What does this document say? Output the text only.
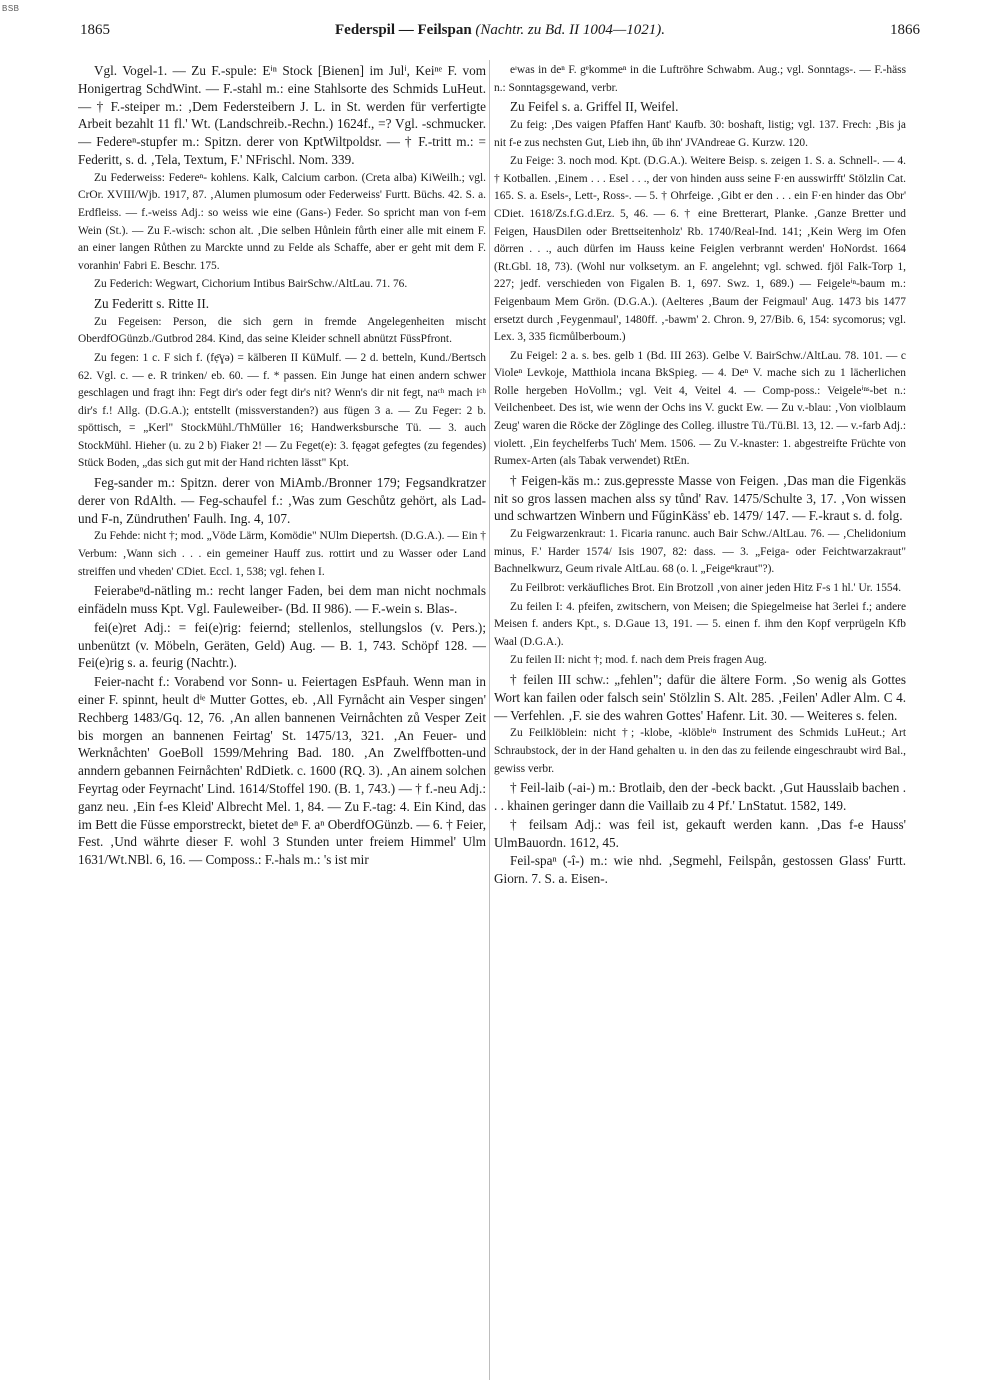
BSB
1865	Federspil — Feilspan (Nachtr. zu Bd. II 1004—1021).	1866

Vgl. Vogel-1. — Zu F.-spule: Eⁱⁿ Stock [Bienen] im Julⁱ, Keiⁿᵉ F. vom Honigertrag SchdWint. — F.-stahl m.: eine Stahlsorte des Schmids LuHeut. — † F.-steiper m.: ‚Dem Federsteibern J. L. in St. werden für verfertigte Arbeit bezahlt 11 fl.' Wt. (Landschreib.-Rechn.) 1624f., =? Vgl. -schmucker. — Federeⁿ-stupfer m.: Spitzn. derer von KptWiltpoldsr. — † F.-tritt m.: = Federitt, s. d. ‚Tela, Textum, F.' NFrischl. Nom. 339.

Zu Federweiss: Federeⁿ- kohlens. Kalk, Calcium carbon. (Creta alba) KiWeilh.; vgl. CrOr. XVIII/Wjb. 1917, 87. ‚Alumen plumosum oder Federweiss' Furtt. Büchs. 42. S. a. Erdfleiss. — f.-weiss Adj.: so weiss wie eine (Gans-) Feder. So spricht man von f-em Wein (St.). — Zu F.-wisch: schon alt. ‚Die selben Hůnlein fůrth einer alle mit einem F. an einer langen Růthen zu Marckte unnd zu Felde als Schaffe, aber er geht mit dem F. voranhin' Fabri E. Beschr. 175.

Zu Federich: Wegwart, Cichorium Intibus BairSchw./AltLau. 71. 76.

Zu Federitt s. Ritte II.

Zu Fegeisen: Person, die sich gern in fremde Angelegenheiten mischt OberdfOGünzb./Gutbrod 284. Kind, das seine Kleider schnell abnützt FüssPfront.

Zu fegen: 1 c. F sich f. (fẹ̄ɣə) = kälberen II KüMulf. — 2 d. betteln, Kund./Bertsch 62. Vgl. c. — e. R trinken/ eb. 60. — f. * passen. Ein Junge hat einen andern schwer geschlagen und fragt ihn: Fegt dir's oder fegt dir's nit? Wenn's dir nit fegt, naᶜʰ mach iᶜʰ dir's f.! Allg. (D.G.A.); entstellt (missverstanden?) aus fügen 3 a. — Zu Feger: 2 b. spöttisch, = „Kerl" StockMühl./ThMüller 16; Handwerksbursche Tü. — 3. auch StockMühl. Hieher (u. zu 2 b) Fiaker 2! — Zu Feget(e): 3. fęəgət gefegtes (zu fegendes) Stück Boden, „das sich gut mit der Hand richten lässt" Kpt.

Feg-sander m.: Spitzn. derer von MiAmb./Bronner 179; Fegsandkratzer derer von RdAlth. — Feg-schaufel f.: ‚Was zum Geschůtz gehört, als Lad- und F-n, Zündruthen' Faulh. Ing. 4, 107.

Zu Fehde: nicht †; mod. „Vöde Lärm, Komödie" NUlm Diepertsh. (D.G.A.). — Ein † Verbum: ‚Wann sich . . . ein gemeiner Hauff zus. rottirt und zu Wasser oder Land streiffen und vheden' CDiet. Eccl. 1, 538; vgl. fehen I.

Feierabeⁿd-nätling m.: recht langer Faden, bei dem man nicht nochmals einfädeln muss Kpt. Vgl. Fauleweiber- (Bd. II 986). — F.-wein s. Blas-.

fei(e)ret Adj.: = fei(e)rig: feiernd; stellenlos, stellungslos (v. Pers.); unbenützt (v. Möbeln, Geräten, Geld) Aug. — B. 1, 743. Schöpf 128. — Fei(e)rig s. a. feurig (Nachtr.).

Feier-nacht f.: Vorabend vor Sonn- u. Feiertagen EsPfauh. Wenn man in einer F. spinnt, heult dⁱᵉ Mutter Gottes, eb. ‚All Fyrnåcht ain Vesper singen' Rechberg 1483/Gq. 12, 76. ‚An allen bannenen Veirnåchten zů Vesper Zeit bis morgen an bannenen Feirtag' St. 1475/13, 321. ‚An Feuer- und Werknåchten' GoeBoll 1599/Mehring Bad. 180. ‚An Zwelffbotten-und anndern gebannen Feirnåchten' RdDietk. c. 1600 (RQ. 3). ‚An ainem solchen Feyrtag oder Feyrnacht' Lind. 1614/Stoffel 190. (B. 1, 743.) — † f.-neu Adj.: ganz neu. ‚Ein f-es Kleid' Albrecht Mel. 1, 84. — Zu F.-tag: 4. Ein Kind, das im Bett die Füsse emporstreckt, bietet deⁿ F. aⁿ OberdfOGünzb. — 6. † Feier, Fest. ‚Und währte dieser F. wohl 3 Stunden unter freiem Himmel' Ulm 1631/Wt.NBl. 6, 16. — Composs.: F.-hals m.: 's ist mir

eᶦwas in deⁿ F. gᵉkommeⁿ in die Luftröhre Schwabm. Aug.; vgl. Sonntags-. — F.-häss n.: Sonntagsgewand, verbr.

Zu Feifel s. a. Griffel II, Weifel.

Zu feig: ‚Des vaigen Pfaffen Hant' Kaufb. 30: boshaft, listig; vgl. 137. Frech: ‚Bis ja nit f-e zus nechsten Gut, Lieb ihn, űb ihn' JVAndreae G. Kurzw. 120.

Zu Feige: 3. noch mod. Kpt. (D.G.A.). Weitere Beisp. s. zeigen 1. S. a. Schnell-. — 4. † Kotballen. ‚Einem . . . Esel . . ., der von hinden auss seine F·en ausswirfft' Stölzlin Cat. 165. S. a. Esels-, Lett-, Ross-. — 5. † Ohrfeige. ‚Gibt er den . . . ein F·en hinder das Obr' CDiet. 1618/Zs.f.G.d.Erz. 5, 46. — 6. † eine Bretterart, Planke. ‚Ganze Bretter und Feigen, HausDilen oder Brettseitenholz' Rb. 1740/Real-Ind. 141; ‚Kein Werg im Ofen dörren . . ., auch dürfen im Hauss keine Feiglen verbrannt werden' HoNordst. 1664 (Rt.Gbl. 18, 73). (Wohl nur volksetym. an F. angelehnt; vgl. schwed. fjöl Falk-Torp 1, 227; jedf. verschieden von Figalen B. 1, 697. Swz. 1, 689.) — Feigeleⁱⁿ-baum m.: Feigenbaum Mem Grön. (D.G.A.). (Aelteres ‚Baum der Feigmaul' Aug. 1473 bis 1477 ersetzt durch ‚Feygenmaul', 1480ff. ‚-bawm' 2. Chron. 9, 27/Bib. 6, 154: sycomorus; vgl. Lex. 3, 335 ficmůlberboum.)

Zu Feigel: 2 a. s. bes. gelb 1 (Bd. III 263). Gelbe V. BairSchw./AltLau. 78. 101. — c Violeⁿ Levkoje, Matthiola incana BkSpieg. — 4. Deⁿ V. mache sich zu 1 lächerlichen Rolle hergeben HoVollm.; vgl. Veit 4, Veitel 4. — Comp-poss.: Veigeleⁱⁿˢ-bet n.: Veilchenbeet. Des ist, wie wenn der Ochs ins V. guckt Ew. — Zu v.-blau: ‚Von violblaum Zeug' waren die Röcke der Zöglinge des Colleg. illustre Tü./Tü.Bl. 13, 12. — v.-farb Adj.: violett. ‚Ein feychelferbs Tuch' Mem. 1506. — Zu V.-knaster: 1. abgestreifte Früchte von Rumex-Arten (als Tabak verwendet) RtEn.

† Feigen-käs m.: zus.gepresste Masse von Feigen. ‚Das man die Figenkäs nit so gros lassen machen alss sy tůnd' Rav. 1475/Schulte 3, 17. ‚Von wissen und schwartzen Winbern und FűginKäss' eb. 1479/ 147. — F.-kraut s. d. folg.

Zu Feigwarzenkraut: 1. Ficaria ranunc. auch Bair Schw./AltLau. 76. — ‚Chelidonium minus, F.' Harder 1574/ Isis 1907, 82: dass. — 3. „Feiga- oder Feichtwarzakraut" Bachnelkwurz, Geum rivale AltLau. 68 (o. l. „Feigeⁿkraut"?).

Zu Feilbrot: verkäufliches Brot. Ein Brotzoll ‚von ainer jeden Hitz F-s 1 hl.' Ur. 1554.

Zu feilen I: 4. pfeifen, zwitschern, von Meisen; die Spiegelmeise hat 3erlei f.; andere Meisen f. anders Kpt., s. D.Gaue 13, 191. — 5. einen f. ihm den Kopf verprügeln Kfb Waal (D.G.A.).

Zu feilen II: nicht †; mod. f. nach dem Preis fragen Aug.

† feilen III schw.: „fehlen"; dafür die ältere Form. ‚So wenig als Gottes Wort kan failen oder falsch sein' Stölzlin S. Alt. 285. ‚Feilen' Adler Alm. C 4. — Verfehlen. ‚F. sie des wahren Gottes' Hafenr. Lit. 30. — Weiteres s. felen.

Zu Feilklöblein: nicht †; -klobe, -klöbleⁱⁿ Instrument des Schmids LuHeut.; Art Schraubstock, der in der Hand gehalten u. in den das zu feilende eingeschraubt wird Bal., gewiss verbr.

† Feil-laib (-ai-) m.: Brotlaib, den der -beck backt. ‚Gut Hausslaib bachen . . . khainen geringer dann die Vaillaib zu 4 Pf.' LnStatut. 1582, 149.

† feilsam Adj.: was feil ist, gekauft werden kann. ‚Das f-e Hauss' UlmBauordn. 1612, 45.

Feil-spaⁿ (-î-) m.: wie nhd. ‚Segmehl, Feilspån, gestossen Glass' Furtt. Giorn. 7. S. a. Eisen-.
